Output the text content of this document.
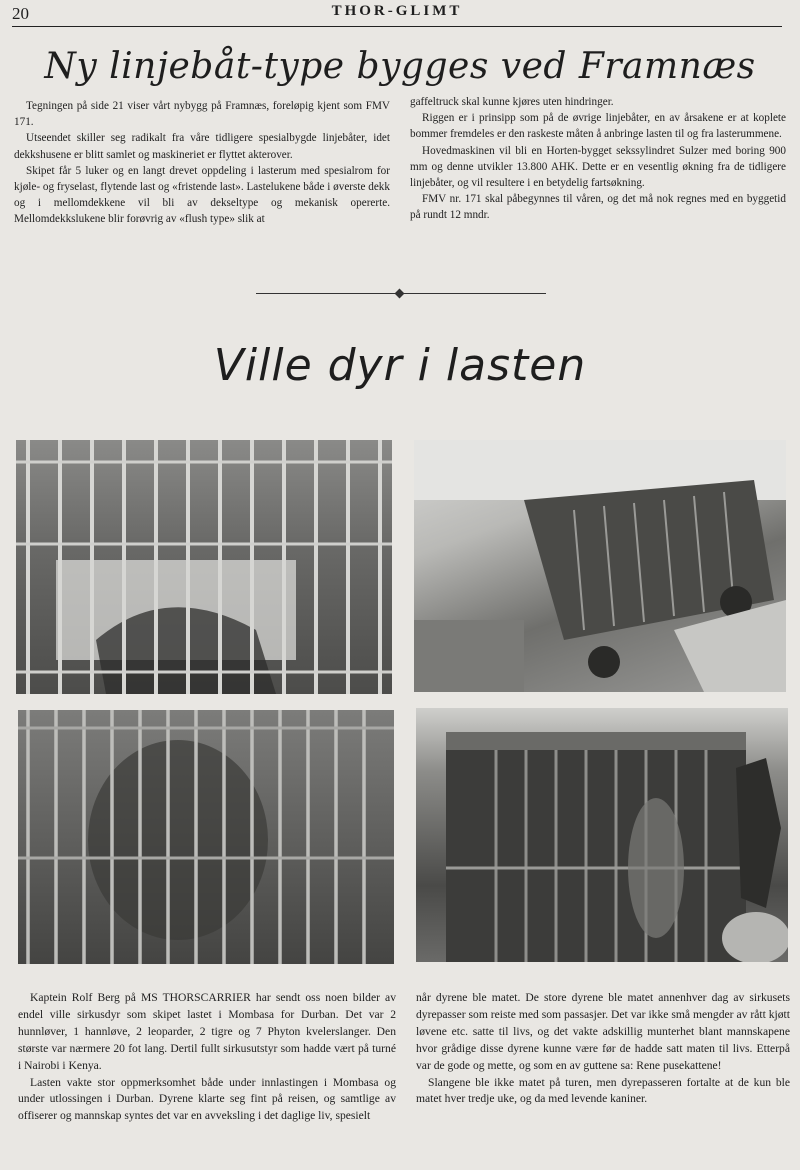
20	THOR-GLIMT
Ny linjebåt-type bygges ved Framnæs

Tegningen på side 21 viser vårt nybygg på Framnæs, foreløpig kjent som FMV 171.

Utseendet skiller seg radikalt fra våre tidligere spesialbygde linjebåter, idet dekkshusene er blitt samlet og maskineriet er flyttet akterover.

Skipet får 5 luker og en langt drevet oppdeling i lasterum med spesialrom for kjøle- og fryselast, flytende last og «fristende last». Lastelukene både i øverste dekk og i mellomdekkene vil bli av dekseltype og mekanisk opererte. Mellomdekkslukene blir forøvrig av «flush type» slik at

gaffeltruck skal kunne kjøres uten hindringer.

Riggen er i prinsipp som på de øvrige linjebåter, en av årsakene er at koplete bommer fremdeles er den raskeste måten å anbringe lasten til og fra lasterummene.

Hovedmaskinen vil bli en Horten-bygget sekssylindret Sulzer med boring 900 mm og denne utvikler 13.800 AHK. Dette er en vesentlig økning fra de tidligere linjebåter, og vil resultere i en betydelig fartsøkning.

FMV nr. 171 skal påbegynnes til våren, og det må nok regnes med en byggetid på rundt 12 mndr.

Ville dyr i lasten

Kaptein Rolf Berg på MS THORSCARRIER har sendt oss noen bilder av endel ville sirkusdyr som skipet lastet i Mombasa for Durban. Det var 2 hunnløver, 1 hannløve, 2 leoparder, 2 tigre og 7 Phyton kvelerslanger. Den største var nærmere 20 fot lang. Dertil fullt sirkusutstyr som hadde vært på turné i Nairobi i Kenya.

Lasten vakte stor oppmerksomhet både under innlastingen i Mombasa og under utlossingen i Durban. Dyrene klarte seg fint på reisen, og samtlige av offiserer og mannskap syntes det var en avveksling i det daglige liv, spesielt

når dyrene ble matet. De store dyrene ble matet annenhver dag av sirkusets dyrepasser som reiste med som passasjer. Det var ikke små mengder av rått kjøtt løvene etc. satte til livs, og det vakte adskillig munterhet blant mannskapene hvor grådige disse dyrene kunne være før de hadde satt maten til livs. Etterpå var de gode og mette, og som en av guttene sa: Rene pusekattene!

Slangene ble ikke matet på turen, men dyrepasseren fortalte at de kun ble matet hver tredje uke, og da med levende kaniner.
